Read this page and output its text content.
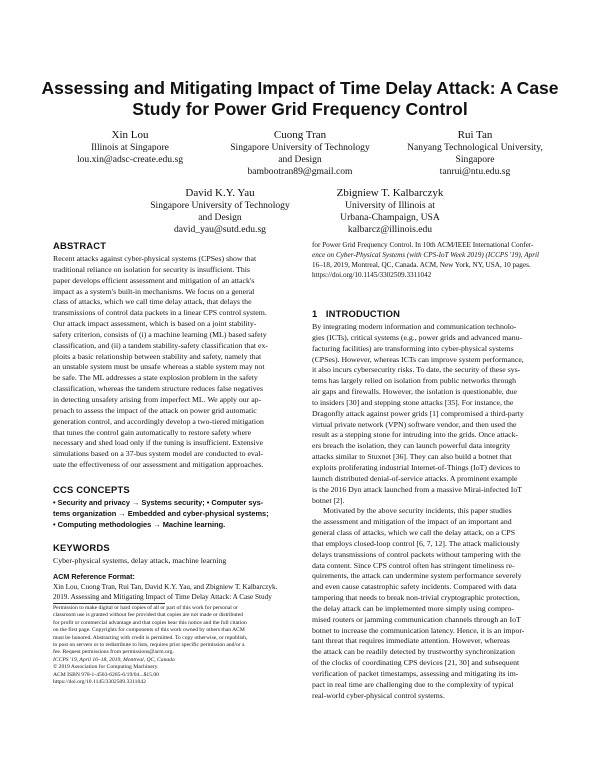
Assessing and Mitigating Impact of Time Delay Attack: A Case Study for Power Grid Frequency Control
Xin Lou
Illinois at Singapore
lou.xin@adsc-create.edu.sg
Cuong Tran
Singapore University of Technology
and Design
bambootran89@gmail.com
Rui Tan
Nanyang Technological University,
Singapore
tanrui@ntu.edu.sg
David K.Y. Yau
Singapore University of Technology
and Design
david_yau@sutd.edu.sg
Zbigniew T. Kalbarczyk
University of Illinois at
Urbana-Champaign, USA
kalbarcz@illinois.edu
ABSTRACT
Recent attacks against cyber-physical systems (CPSes) show that
traditional reliance on isolation for security is insufficient. This
paper develops efficient assessment and mitigation of an attack's
impact as a system's built-in mechanisms. We focus on a general
class of attacks, which we call time delay attack, that delays the
transmissions of control data packets in a linear CPS control system.
Our attack impact assessment, which is based on a joint stability-
safety criterion, consists of (i) a machine learning (ML) based safety
classification, and (ii) a tandem stability-safety classification that ex-
ploits a basic relationship between stability and safety, namely that
an unstable system must be unsafe whereas a stable system may not
be safe. The ML addresses a state explosion problem in the safety
classification, whereas the tandem structure reduces false negatives
in detecting unsafety arising from imperfect ML. We apply our ap-
proach to assess the impact of the attack on power grid automatic
generation control, and accordingly develop a two-tiered mitigation
that tunes the control gain automatically to restore safety where
necessary and shed load only if the tuning is insufficient. Extensive
simulations based on a 37-bus system model are conducted to eval-
uate the effectiveness of our assessment and mitigation approaches.
CCS CONCEPTS
• Security and privacy → Systems security; • Computer sys-
tems organization → Embedded and cyber-physical systems;
• Computing methodologies → Machine learning.
KEYWORDS
Cyber-physical systems, delay attack, machine learning
ACM Reference Format:
Xin Lou, Cuong Tran, Rui Tan, David K.Y. Yau, and Zbigniew T. Kalbarczyk.
2019. Assessing and Mitigating Impact of Time Delay Attack: A Case Study
Permission to make digital or hard copies of all or part of this work for personal or
classroom use is granted without fee provided that copies are not made or distributed
for profit or commercial advantage and that copies bear this notice and the full citation
on the first page. Copyrights for components of this work owned by others than ACM
must be honored. Abstracting with credit is permitted. To copy otherwise, or republish,
to post on servers or to redistribute to lists, requires prior specific permission and/or a
fee. Request permissions from permissions@acm.org.
ICCPS '19, April 16–18, 2019, Montreal, QC, Canada
© 2019 Association for Computing Machinery.
ACM ISBN 978-1-4503-6285-6/19/04...$15.00
https://doi.org/10.1145/3302509.3311042
for Power Grid Frequency Control. In 10th ACM/IEEE International Confer-
ence on Cyber-Physical Systems (with CPS-IoT Week 2019) (ICCPS '19), April
16–18, 2019, Montreal, QC, Canada. ACM, New York, NY, USA, 10 pages.
https://doi.org/10.1145/3302509.3311042
1   INTRODUCTION
By integrating modern information and communication technolo-
gies (ICTs), critical systems (e.g., power grids and advanced manu-
facturing facilities) are transforming into cyber-physical systems
(CPSes). However, whereas ICTs can improve system performance,
it also incurs cybersecurity risks. To date, the security of these sys-
tems has largely relied on isolation from public networks through
air gaps and firewalls. However, the isolation is questionable, due
to insiders [30] and stepping stone attacks [35]. For instance, the
Dragonfly attack against power grids [1] compromised a third-party
virtual private network (VPN) software vendor, and then used the
result as a stepping stone for intruding into the grids. Once attack-
ers breach the isolation, they can launch powerful data integrity
attacks similar to Stuxnet [36]. They can also build a botnet that
exploits proliferating industrial Internet-of-Things (IoT) devices to
launch distributed denial-of-service attacks. A prominent example
is the 2016 Dyn attack launched from a massive Mirai-infected IoT
botnet [2].
Motivated by the above security incidents, this paper studies
the assessment and mitigation of the impact of an important and
general class of attacks, which we call the delay attack, on a CPS
that employs closed-loop control [6, 7, 12]. The attack maliciously
delays transmissions of control packets without tampering with the
data content. Since CPS control often has stringent timeliness re-
quirements, the attack can undermine system performance severely
and even cause catastrophic safety incidents. Compared with data
tampering that needs to break non-trivial cryptographic protection,
the delay attack can be implemented more simply using compro-
mised routers or jamming communication channels through an IoT
botnet to increase the communication latency. Hence, it is an impor-
tant threat that requires immediate attention. However, whereas
the attack can be readily detected by trustworthy synchronization
of the clocks of coordinating CPS devices [21, 30] and subsequent
verification of packet timestamps, assessing and mitigating its im-
pact in real time are challenging due to the complexity of typical
real-world cyber-physical control systems.
